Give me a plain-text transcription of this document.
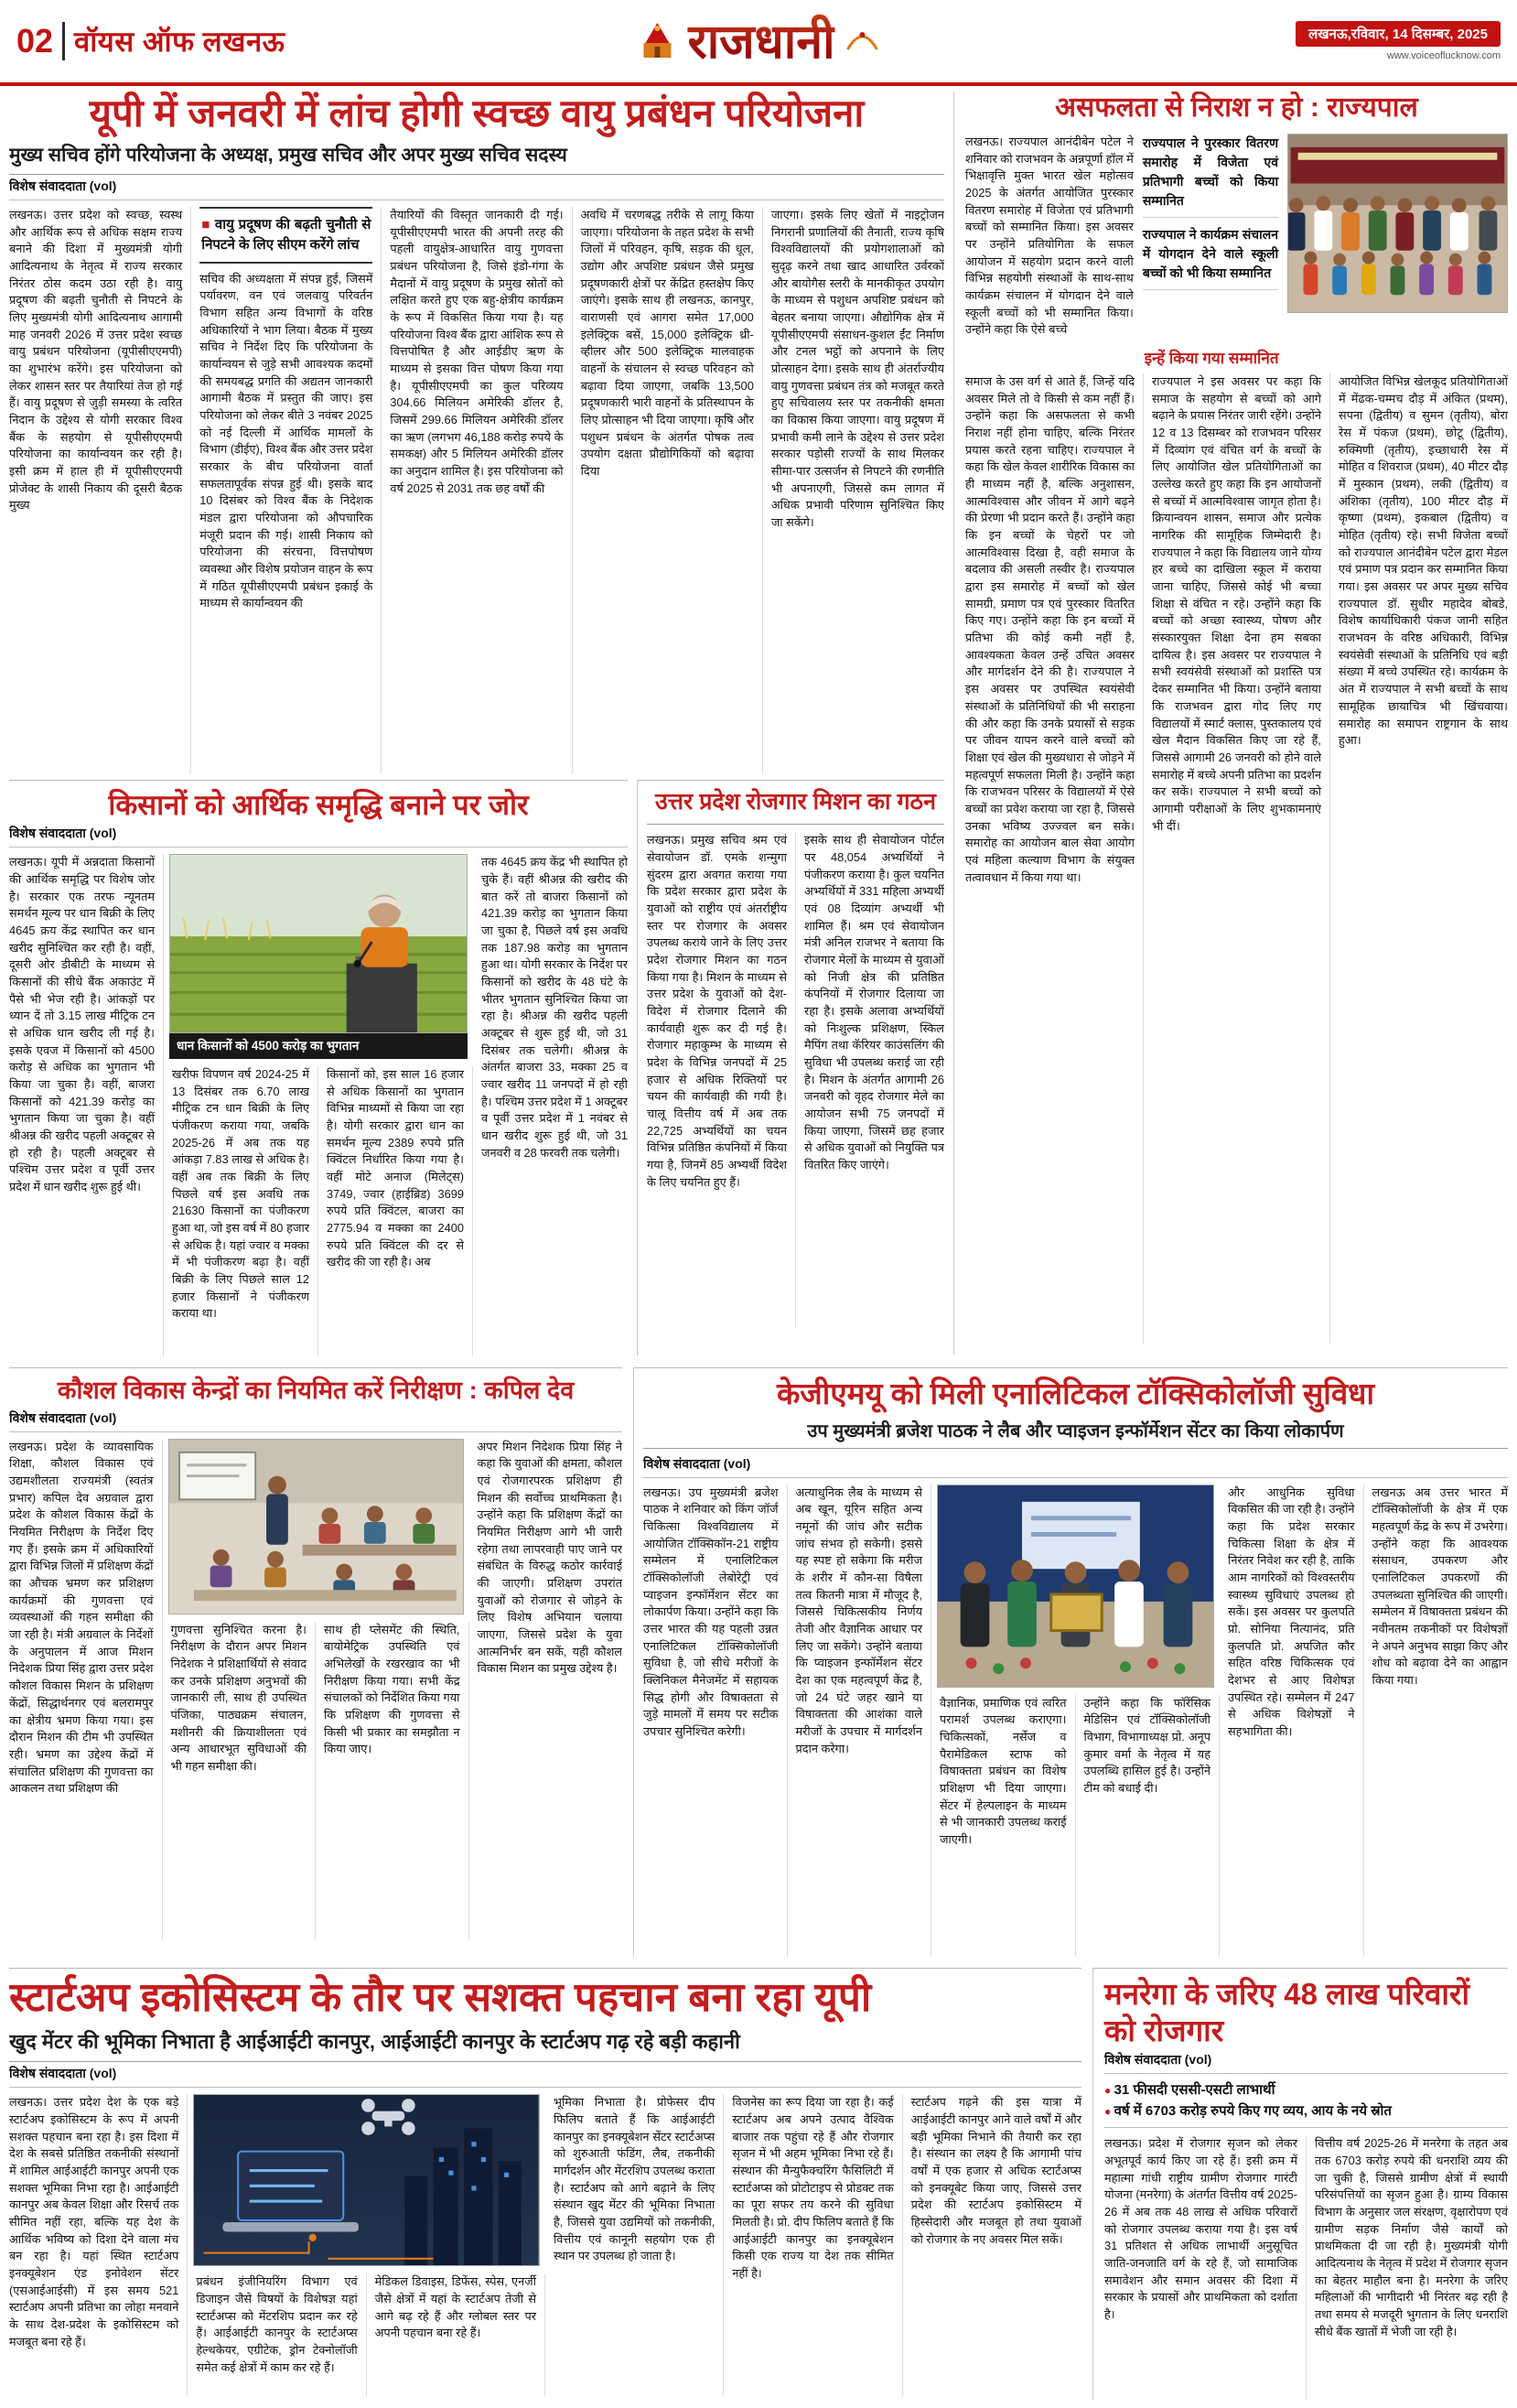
02 वॉयस ऑफ लखनऊ	राजधानी	लखनऊ,रविवार, 14 दिसम्बर, 2025
www.voiceoflucknow.com
यूपी में जनवरी में लांच होगी स्वच्छ वायु प्रबंधन परियोजना
मुख्य सचिव होंगे परियोजना के अध्यक्ष, प्रमुख सचिव और अपर मुख्य सचिव सदस्य
विशेष संवाददाता (vol)
लखनऊ। उत्तर प्रदेश को स्वच्छ, स्वस्थ और आर्थिक रूप से अधिक सक्षम राज्य बनाने की दिशा में मुख्यमंत्री योगी आदित्यनाथ के नेतृत्व में राज्य सरकार निरंतर ठोस कदम उठा रही है। वायु प्रदूषण की बढ़ती चुनौती से निपटने के लिए मुख्यमंत्री योगी आदित्यनाथ आगामी माह जनवरी 2026 में उत्तर प्रदेश स्वच्छ वायु प्रबंधन परियोजना (यूपीसीएएमपी) का शुभारंभ करेंगे। इस परियोजना को लेकर शासन स्तर पर तैयारियां तेज हो गई हैं। वायु प्रदूषण से जुड़ी समस्या के त्वरित निदान के उद्देश्य से योगी सरकार विश्व बैंक के सहयोग से यूपीसीएएमपी परियोजना का कार्यान्वयन कर रही है। इसी क्रम में हाल ही में यूपीसीएएमपी प्रोजेक्ट के शासी निकाय की दूसरी बैठक मुख्य
■ वायु प्रदूषण की बढ़ती चुनौती से निपटने के लिए सीएम करेंगे लांच
सचिव की अध्यक्षता में संपन्न हुई, जिसमें पर्यावरण, वन एवं जलवायु परिवर्तन विभाग सहित अन्य विभागों के वरिष्ठ अधिकारियों ने भाग लिया। बैठक में मुख्य सचिव ने निर्देश दिए कि परियोजना के कार्यान्वयन से जुड़े सभी आवश्यक कदमों की समयबद्ध प्रगति की अद्यतन जानकारी आगामी बैठक में प्रस्तुत की जाए। इस परियोजना को लेकर बीते 3 नवंबर 2025 को नई दिल्ली में आर्थिक मामलों के विभाग (डीईए), विश्व बैंक और उत्तर प्रदेश सरकार के बीच परियोजना वार्ता सफलतापूर्वक संपन्न हुई थी। इसके बाद 10 दिसंबर को विश्व बैंक के निदेशक मंडल द्वारा परियोजना को औपचारिक मंजूरी प्रदान की गई। शासी निकाय को परियोजना की संरचना, वित्तपोषण व्यवस्था और विशेष प्रयोजन वाहन के रूप में गठित यूपीसीएएमपी प्रबंधन इकाई के माध्यम से कार्यान्वयन की
तैयारियों की विस्तृत जानकारी दी गई। यूपीसीएएमपी भारत की अपनी तरह की पहली वायुक्षेत्र-आधारित वायु गुणवत्ता प्रबंधन परियोजना है, जिसे इंडो-गंगा के मैदानों में वायु प्रदूषण के प्रमुख स्रोतों को लक्षित करते हुए एक बहु-क्षेत्रीय कार्यक्रम के रूप में विकसित किया गया है। यह परियोजना विश्व बैंक द्वारा आंशिक रूप से वित्तपोषित है और आईडीए ऋण के माध्यम से इसका वित्त पोषण किया गया है। यूपीसीएएमपी का कुल परिव्यय 304.66 मिलियन अमेरिकी डॉलर है, जिसमें 299.66 मिलियन अमेरिकी डॉलर का ऋण (लगभग 46,188 करोड़ रुपये के समकक्ष) और 5 मिलियन अमेरिकी डॉलर का अनुदान शामिल है। इस परियोजना को वर्ष 2025 से 2031 तक छह वर्षों की
अवधि में चरणबद्ध तरीके से लागू किया जाएगा। परियोजना के तहत प्रदेश के सभी जिलों में परिवहन, कृषि, सड़क की धूल, उद्योग और अपशिष्ट प्रबंधन जैसे प्रमुख प्रदूषणकारी क्षेत्रों पर केंद्रित हस्तक्षेप किए जाएंगे। इसके साथ ही लखनऊ, कानपुर, वाराणसी एवं आगरा समेत 17,000 इलेक्ट्रिक बसें, 15,000 इलेक्ट्रिक थ्री-व्हीलर और 500 इलेक्ट्रिक मालवाहक वाहनों के संचालन से स्वच्छ परिवहन को बढ़ावा दिया जाएगा, जबकि 13,500 प्रदूषणकारी भारी वाहनों के प्रतिस्थापन के लिए प्रोत्साहन भी दिया जाएगा। कृषि और पशुधन प्रबंधन के अंतर्गत पोषक तत्व उपयोग दक्षता प्रौद्योगिकियों को बढ़ावा दिया
जाएगा। इसके लिए खेतों में नाइट्रोजन निगरानी प्रणालियों की तैनाती, राज्य कृषि विश्वविद्यालयों की प्रयोगशालाओं को सुदृढ़ करने तथा खाद आधारित उर्वरकों और बायोगैस स्लरी के मानकीकृत उपयोग के माध्यम से पशुधन अपशिष्ट प्रबंधन को बेहतर बनाया जाएगा। औद्योगिक क्षेत्र में यूपीसीएएमपी संसाधन-कुशल ईंट निर्माण और टनल भट्ठों को अपनाने के लिए प्रोत्साहन देगा। इसके साथ ही अंतर्राज्यीय वायु गुणवत्ता प्रबंधन तंत्र को मजबूत करते हुए सचिवालय स्तर पर तकनीकी क्षमता का विकास किया जाएगा। वायु प्रदूषण में प्रभावी कमी लाने के उद्देश्य से उत्तर प्रदेश सरकार पड़ोसी राज्यों के साथ मिलकर सीमा-पार उत्सर्जन से निपटने की रणनीति भी अपनाएगी, जिससे कम लागत में अधिक प्रभावी परिणाम सुनिश्चित किए जा सकेंगे।
असफलता से निराश न हो : राज्यपाल
लखनऊ। राज्यपाल आनंदीबेन पटेल ने शनिवार को राजभवन के अन्नपूर्णा हॉल में भिक्षावृत्ति मुक्त भारत खेल महोत्सव 2025 के अंतर्गत आयोजित पुरस्कार वितरण समारोह में विजेता एवं प्रतिभागी बच्चों को सम्मानित किया। इस अवसर पर उन्होंने प्रतियोगिता के सफल आयोजन में सहयोग प्रदान करने वाली विभिन्न सहयोगी संस्थाओं के साथ-साथ कार्यक्रम संचालन में योगदान देने वाले स्कूली बच्चों को भी सम्मानित किया। उन्होंने कहा कि ऐसे बच्चे
राज्यपाल ने पुरस्कार वितरण समारोह में विजेता एवं प्रतिभागी बच्चों को किया सम्मानित
राज्यपाल ने कार्यक्रम संचालन में योगदान देने वाले स्कूली बच्चों को भी किया सम्मानित
इन्हें किया गया सम्मानित
समाज के उस वर्ग से आते हैं, जिन्हें यदि अवसर मिले तो वे किसी से कम नहीं हैं। उन्होंने कहा कि असफलता से कभी निराश नहीं होना चाहिए, बल्कि निरंतर प्रयास करते रहना चाहिए। राज्यपाल ने कहा कि खेल केवल शारीरिक विकास का ही माध्यम नहीं है, बल्कि अनुशासन, आत्मविश्वास और जीवन में आगे बढ़ने की प्रेरणा भी प्रदान करते हैं। उन्होंने कहा कि इन बच्चों के चेहरों पर जो आत्मविश्वास दिखा है, वही समाज के बदलाव की असली तस्वीर है। राज्यपाल द्वारा इस समारोह में बच्चों को खेल सामग्री, प्रमाण पत्र एवं पुरस्कार वितरित किए गए। उन्होंने कहा कि इन बच्चों में प्रतिभा की कोई कमी नहीं है, आवश्यकता केवल उन्हें उचित अवसर और मार्गदर्शन देने की है। राज्यपाल ने इस अवसर पर उपस्थित स्वयंसेवी संस्थाओं के प्रतिनिधियों की भी सराहना की और कहा कि उनके प्रयासों से सड़क पर जीवन यापन करने वाले बच्चों को शिक्षा एवं खेल की मुख्यधारा से जोड़ने में महत्वपूर्ण सफलता मिली है। उन्होंने कहा कि राजभवन परिसर के विद्यालयों में ऐसे बच्चों का प्रवेश कराया जा रहा है, जिससे उनका भविष्य उज्ज्वल बन सके। समारोह का आयोजन बाल सेवा आयोग एवं महिला कल्याण विभाग के संयुक्त तत्वावधान में किया गया था।
राज्यपाल ने इस अवसर पर कहा कि समाज के सहयोग से बच्चों को आगे बढ़ाने के प्रयास निरंतर जारी रहेंगे। उन्होंने 12 व 13 दिसम्बर को राजभवन परिसर में दिव्यांग एवं वंचित वर्ग के बच्चों के लिए आयोजित खेल प्रतियोगिताओं का उल्लेख करते हुए कहा कि इन आयोजनों से बच्चों में आत्मविश्वास जागृत होता है। क्रियान्वयन शासन, समाज और प्रत्येक नागरिक की सामूहिक जिम्मेदारी है। राज्यपाल ने कहा कि विद्यालय जाने योग्य हर बच्चे का दाखिला स्कूल में कराया जाना चाहिए, जिससे कोई भी बच्चा शिक्षा से वंचित न रहे। उन्होंने कहा कि बच्चों को अच्छा स्वास्थ्य, पोषण और संस्कारयुक्त शिक्षा देना हम सबका दायित्व है। इस अवसर पर राज्यपाल ने सभी स्वयंसेवी संस्थाओं को प्रशस्ति पत्र देकर सम्मानित भी किया। उन्होंने बताया कि राजभवन द्वारा गोद लिए गए विद्यालयों में स्मार्ट क्लास, पुस्तकालय एवं खेल मैदान विकसित किए जा रहे हैं, जिससे आगामी 26 जनवरी को होने वाले समारोह में बच्चे अपनी प्रतिभा का प्रदर्शन कर सकें। राज्यपाल ने सभी बच्चों को आगामी परीक्षाओं के लिए शुभकामनाएं भी दीं।
आयोजित विभिन्न खेलकूद प्रतियोगिताओं में मेंढक-चम्मच दौड़ में अंकित (प्रथम), सपना (द्वितीय) व सुमन (तृतीय), बोरा रेस में पंकज (प्रथम), छोटू (द्वितीय), रुक्मिणी (तृतीय), इच्छाधारी रेस में मोहित व शिवराज (प्रथम), 40 मीटर दौड़ में मुस्कान (प्रथम), लकी (द्वितीय) व अंशिका (तृतीय), 100 मीटर दौड़ में कृष्णा (प्रथम), इकबाल (द्वितीय) व मोहित (तृतीय) रहे। सभी विजेता बच्चों को राज्यपाल आनंदीबेन पटेल द्वारा मेडल एवं प्रमाण पत्र प्रदान कर सम्मानित किया गया। इस अवसर पर अपर मुख्य सचिव राज्यपाल डॉ. सुधीर महादेव बोबडे, विशेष कार्याधिकारी पंकज जानी सहित राजभवन के वरिष्ठ अधिकारी, विभिन्न स्वयंसेवी संस्थाओं के प्रतिनिधि एवं बड़ी संख्या में बच्चे उपस्थित रहे। कार्यक्रम के अंत में राज्यपाल ने सभी बच्चों के साथ सामूहिक छायाचित्र भी खिंचवाया। समारोह का समापन राष्ट्रगान के साथ हुआ।
किसानों को आर्थिक समृद्धि बनाने पर जोर
विशेष संवाददाता (vol)
लखनऊ। यूपी में अन्नदाता किसानों की आर्थिक समृद्धि पर विशेष जोर है। सरकार एक तरफ न्यूनतम समर्थन मूल्य पर धान बिक्री के लिए 4645 क्रय केंद्र स्थापित कर धान खरीद सुनिश्चित कर रही है। वहीं, दूसरी ओर डीबीटी के माध्यम से किसानों की सीधे बैंक अकाउंट में पैसे भी भेज रही है। आंकड़ों पर ध्यान दें तो 3.15 लाख मीट्रिक टन से अधिक धान खरीद ली गई है। इसके एवज में किसानों को 4500 करोड़ से अधिक का भुगतान भी किया जा चुका है। वहीं, बाजरा किसानों को 421.39 करोड़ का भुगतान किया जा चुका है। वहीं श्रीअन्न की खरीद पहली अक्टूबर से हो रही है। पहली अक्टूबर से पश्चिम उत्तर प्रदेश व पूर्वी उत्तर प्रदेश में धान खरीद शुरू हुई थी।
धान किसानों को 4500 करोड़ का भुगतान
खरीफ विपणन वर्ष 2024-25 में 13 दिसंबर तक 6.70 लाख मीट्रिक टन धान बिक्री के लिए पंजीकरण कराया गया, जबकि 2025-26 में अब तक यह आंकड़ा 7.83 लाख से अधिक है। वहीं अब तक बिक्री के लिए पिछले वर्ष इस अवधि तक 21630 किसानों का पंजीकरण हुआ था, जो इस वर्ष में 80 हजार से अधिक है। यहां ज्वार व मक्का में भी पंजीकरण बढ़ा है। वहीं बिक्री के लिए पिछले साल 12 हजार किसानों ने पंजीकरण कराया था।
किसानों को, इस साल 16 हजार से अधिक किसानों का भुगतान विभिन्न माध्यमों से किया जा रहा है। योगी सरकार द्वारा धान का समर्थन मूल्य 2389 रुपये प्रति क्विंटल निर्धारित किया गया है। वहीं मोटे अनाज (मिलेट्स) 3749, ज्वार (हाईब्रिड) 3699 रुपये प्रति क्विंटल, बाजरा का 2775.94 व मक्का का 2400 रुपये प्रति क्विंटल की दर से खरीद की जा रही है। अब
तक 4645 क्रय केंद्र भी स्थापित हो चुके हैं। वहीं श्रीअन्न की खरीद की बात करें तो बाजरा किसानों को 421.39 करोड़ का भुगतान किया जा चुका है, पिछले वर्ष इस अवधि तक 187.98 करोड़ का भुगतान हुआ था। योगी सरकार के निर्देश पर किसानों को खरीद के 48 घंटे के भीतर भुगतान सुनिश्चित किया जा रहा है। श्रीअन्न की खरीद पहली अक्टूबर से शुरू हुई थी, जो 31 दिसंबर तक चलेगी। श्रीअन्न के अंतर्गत बाजरा 33, मक्का 25 व ज्वार खरीद 11 जनपदों में हो रही है। पश्चिम उत्तर प्रदेश में 1 अक्टूबर व पूर्वी उत्तर प्रदेश में 1 नवंबर से धान खरीद शुरू हुई थी, जो 31 जनवरी व 28 फरवरी तक चलेगी।
उत्तर प्रदेश रोजगार मिशन का गठन
लखनऊ। प्रमुख सचिव श्रम एवं सेवायोजन डॉ. एमके शन्मुगा सुंदरम द्वारा अवगत कराया गया कि प्रदेश सरकार द्वारा प्रदेश के युवाओं को राष्ट्रीय एवं अंतर्राष्ट्रीय स्तर पर रोजगार के अवसर उपलब्ध कराये जाने के लिए उत्तर प्रदेश रोजगार मिशन का गठन किया गया है। मिशन के माध्यम से उत्तर प्रदेश के युवाओं को देश-विदेश में रोजगार दिलाने की कार्यवाही शुरू कर दी गई है। रोजगार महाकुम्भ के माध्यम से प्रदेश के विभिन्न जनपदों में 25 हजार से अधिक रिक्तियों पर चयन की कार्यवाही की गयी है। चालू वित्तीय वर्ष में अब तक 22,725 अभ्यर्थियों का चयन विभिन्न प्रतिष्ठित कंपनियों में किया गया है, जिनमें 85 अभ्यर्थी विदेश के लिए चयनित हुए हैं।
इसके साथ ही सेवायोजन पोर्टल पर 48,054 अभ्यर्थियों ने पंजीकरण कराया है। कुल चयनित अभ्यर्थियों में 331 महिला अभ्यर्थी एवं 08 दिव्यांग अभ्यर्थी भी शामिल हैं। श्रम एवं सेवायोजन मंत्री अनिल राजभर ने बताया कि रोजगार मेलों के माध्यम से युवाओं को निजी क्षेत्र की प्रतिष्ठित कंपनियों में रोजगार दिलाया जा रहा है। इसके अलावा अभ्यर्थियों को निःशुल्क प्रशिक्षण, स्किल मैपिंग तथा कॅरियर काउंसलिंग की सुविधा भी उपलब्ध कराई जा रही है। मिशन के अंतर्गत आगामी 26 जनवरी को वृहद रोजगार मेले का आयोजन सभी 75 जनपदों में किया जाएगा, जिसमें छह हजार से अधिक युवाओं को नियुक्ति पत्र वितरित किए जाएंगे।
कौशल विकास केन्द्रों का नियमित करें निरीक्षण : कपिल देव
विशेष संवाददाता (vol)
लखनऊ। प्रदेश के व्यावसायिक शिक्षा, कौशल विकास एवं उद्यमशीलता राज्यमंत्री (स्वतंत्र प्रभार) कपिल देव अग्रवाल द्वारा प्रदेश के कौशल विकास केंद्रों के नियमित निरीक्षण के निर्देश दिए गए हैं। इसके क्रम में अधिकारियों द्वारा विभिन्न जिलों में प्रशिक्षण केंद्रों का औचक भ्रमण कर प्रशिक्षण कार्यक्रमों की गुणवत्ता एवं व्यवस्थाओं की गहन समीक्षा की जा रही है। मंत्री अग्रवाल के निर्देशों के अनुपालन में आज मिशन निदेशक प्रिया सिंह द्वारा उत्तर प्रदेश कौशल विकास मिशन के प्रशिक्षण केंद्रों, सिद्धार्थनगर एवं बलरामपुर का क्षेत्रीय भ्रमण किया गया। इस दौरान मिशन की टीम भी उपस्थित रही। भ्रमण का उद्देश्य केंद्रों में संचालित प्रशिक्षण की गुणवत्ता का आकलन तथा प्रशिक्षण की
गुणवत्ता सुनिश्चित करना है। निरीक्षण के दौरान अपर मिशन निदेशक ने प्रशिक्षार्थियों से संवाद कर उनके प्रशिक्षण अनुभवों की जानकारी ली, साथ ही उपस्थित पंजिका, पाठ्यक्रम संचालन, मशीनरी की क्रियाशीलता एवं अन्य आधारभूत सुविधाओं की भी गहन समीक्षा की।
साथ ही प्लेसमेंट की स्थिति, बायोमेट्रिक उपस्थिति एवं अभिलेखों के रखरखाव का भी निरीक्षण किया गया। सभी केंद्र संचालकों को निर्देशित किया गया कि प्रशिक्षण की गुणवत्ता से किसी भी प्रकार का समझौता न किया जाए।
अपर मिशन निदेशक प्रिया सिंह ने कहा कि युवाओं की क्षमता, कौशल एवं रोजगारपरक प्रशिक्षण ही मिशन की सर्वोच्च प्राथमिकता है। उन्होंने कहा कि प्रशिक्षण केंद्रों का नियमित निरीक्षण आगे भी जारी रहेगा तथा लापरवाही पाए जाने पर संबंधित के विरुद्ध कठोर कार्रवाई की जाएगी। प्रशिक्षण उपरांत युवाओं को रोजगार से जोड़ने के लिए विशेष अभियान चलाया जाएगा, जिससे प्रदेश के युवा आत्मनिर्भर बन सकें, यही कौशल विकास मिशन का प्रमुख उद्देश्य है।
केजीएमयू को मिली एनालिटिकल टॉक्सिकोलॉजी सुविधा
उप मुख्यमंत्री ब्रजेश पाठक ने लैब और प्वाइजन इन्फॉर्मेशन सेंटर का किया लोकार्पण
विशेष संवाददाता (vol)
लखनऊ। उप मुख्यमंत्री ब्रजेश पाठक ने शनिवार को किंग जॉर्ज चिकित्सा विश्वविद्यालय में आयोजित टॉक्सिकॉन-21 राष्ट्रीय सम्मेलन में एनालिटिकल टॉक्सिकोलॉजी लेबोरेट्री एवं प्वाइजन इन्फॉर्मेशन सेंटर का लोकार्पण किया। उन्होंने कहा कि उत्तर भारत की यह पहली उन्नत एनालिटिकल टॉक्सिकोलॉजी सुविधा है, जो सीधे मरीजों के क्लिनिकल मैनेजमेंट में सहायक सिद्ध होगी और विषाक्तता से जुड़े मामलों में समय पर सटीक उपचार सुनिश्चित करेगी।
अत्याधुनिक लैब के माध्यम से अब खून, यूरिन सहित अन्य नमूनों की जांच और सटीक जांच संभव हो सकेगी। इससे यह स्पष्ट हो सकेगा कि मरीज के शरीर में कौन-सा विषैला तत्व कितनी मात्रा में मौजूद है, जिससे चिकित्सकीय निर्णय तेजी और वैज्ञानिक आधार पर लिए जा सकेंगे। उन्होंने बताया कि प्वाइजन इन्फॉर्मेशन सेंटर देश का एक महत्वपूर्ण केंद्र है, जो 24 घंटे जहर खाने या विषाक्तता की आशंका वाले मरीजों के उपचार में मार्गदर्शन प्रदान करेगा।
वैज्ञानिक, प्रमाणिक एवं त्वरित परामर्श उपलब्ध कराएगा। चिकित्सकों, नर्सेज व पैरामेडिकल स्टाफ को विषाक्तता प्रबंधन का विशेष प्रशिक्षण भी दिया जाएगा। सेंटर में हेल्पलाइन के माध्यम से भी जानकारी उपलब्ध कराई जाएगी।
उन्होंने कहा कि फॉरेंसिक मेडिसिन एवं टॉक्सिकोलॉजी विभाग, विभागाध्यक्ष प्रो. अनूप कुमार वर्मा के नेतृत्व में यह उपलब्धि हासिल हुई है। उन्होंने टीम को बधाई दी।
और आधुनिक सुविधा विकसित की जा रही है। उन्होंने कहा कि प्रदेश सरकार चिकित्सा शिक्षा के क्षेत्र में निरंतर निवेश कर रही है, ताकि आम नागरिकों को विश्वस्तरीय स्वास्थ्य सुविधाएं उपलब्ध हो सकें। इस अवसर पर कुलपति प्रो. सोनिया नित्यानंद, प्रति कुलपति प्रो. अपजित कौर सहित वरिष्ठ चिकित्सक एवं देशभर से आए विशेषज्ञ उपस्थित रहे। सम्मेलन में 247 से अधिक विशेषज्ञों ने सहभागिता की।
लखनऊ अब उत्तर भारत में टॉक्सिकोलॉजी के क्षेत्र में एक महत्वपूर्ण केंद्र के रूप में उभरेगा। उन्होंने कहा कि आवश्यक संसाधन, उपकरण और एनालिटिकल उपकरणों की उपलब्धता सुनिश्चित की जाएगी। सम्मेलन में विषाक्तता प्रबंधन की नवीनतम तकनीकों पर विशेषज्ञों ने अपने अनुभव साझा किए और शोध को बढ़ावा देने का आह्वान किया गया।
स्टार्टअप इकोसिस्टम के तौर पर सशक्त पहचान बना रहा यूपी
खुद मेंटर की भूमिका निभाता है आईआईटी कानपुर, आईआईटी कानपुर के स्टार्टअप गढ़ रहे बड़ी कहानी
विशेष संवाददाता (vol)
लखनऊ। उत्तर प्रदेश देश के एक बड़े स्टार्टअप इकोसिस्टम के रूप में अपनी सशक्त पहचान बना रहा है। इस दिशा में देश के सबसे प्रतिष्ठित तकनीकी संस्थानों में शामिल आईआईटी कानपुर अपनी एक सशक्त भूमिका निभा रहा है। आईआईटी कानपुर अब केवल शिक्षा और रिसर्च तक सीमित नहीं रहा, बल्कि यह देश के आर्थिक भविष्य को दिशा देने वाला मंच बन रहा है। यहां स्थित स्टार्टअप इनक्यूबेशन एंड इनोवेशन सेंटर (एसआईआईसी) में इस समय 521 स्टार्टअप अपनी प्रतिभा का लोहा मनवाने के साथ देश-प्रदेश के इकोसिस्टम को मजबूत बना रहे हैं।
प्रबंधन इंजीनियरिंग विभाग एवं डिजाइन जैसे विषयों के विशेषज्ञ यहां स्टार्टअप्स को मेंटरशिप प्रदान कर रहे हैं। आईआईटी कानपुर के स्टार्टअप्स हेल्थकेयर, एग्रीटेक, ड्रोन टेक्नोलॉजी समेत कई क्षेत्रों में काम कर रहे हैं।
मेडिकल डिवाइस, डिफेंस, स्पेस, एनर्जी जैसे क्षेत्रों में यहां के स्टार्टअप तेजी से आगे बढ़ रहे हैं और ग्लोबल स्तर पर अपनी पहचान बना रहे हैं।
भूमिका निभाता है। प्रोफेसर दीप फिलिप बताते हैं कि आईआईटी कानपुर का इनक्यूबेशन सेंटर स्टार्टअप्स को शुरुआती फंडिंग, लैब, तकनीकी मार्गदर्शन और मेंटरशिप उपलब्ध कराता है। स्टार्टअप को आगे बढ़ाने के लिए संस्थान खुद मेंटर की भूमिका निभाता है, जिससे युवा उद्यमियों को तकनीकी, वित्तीय एवं कानूनी सहयोग एक ही स्थान पर उपलब्ध हो जाता है।
विजनेस का रूप दिया जा रहा है। कई स्टार्टअप अब अपने उत्पाद वैश्विक बाजार तक पहुंचा रहे हैं और रोजगार सृजन में भी अहम भूमिका निभा रहे हैं। संस्थान की मैन्युफैक्चरिंग फैसिलिटी में स्टार्टअप्स को प्रोटोटाइप से प्रोडक्ट तक का पूरा सफर तय करने की सुविधा मिलती है। प्रो. दीप फिलिप बताते हैं कि आईआईटी कानपुर का इनक्यूबेशन किसी एक राज्य या देश तक सीमित नहीं है।
स्टार्टअप गढ़ने की इस यात्रा में आईआईटी कानपुर आने वाले वर्षों में और बड़ी भूमिका निभाने की तैयारी कर रहा है। संस्थान का लक्ष्य है कि आगामी पांच वर्षों में एक हजार से अधिक स्टार्टअप्स को इनक्यूबेट किया जाए, जिससे उत्तर प्रदेश की स्टार्टअप इकोसिस्टम में हिस्सेदारी और मजबूत हो तथा युवाओं को रोजगार के नए अवसर मिल सकें।
मनरेगा के जरिए 48 लाख परिवारों को रोजगार
विशेष संवाददाता (vol)
● 31 फीसदी एससी-एसटी लाभार्थी
● वर्ष में 6703 करोड़ रुपये किए गए व्यय, आय के नये स्रोत
लखनऊ। प्रदेश में रोजगार सृजन को लेकर अभूतपूर्व कार्य किए जा रहे हैं। इसी क्रम में महात्मा गांधी राष्ट्रीय ग्रामीण रोजगार गारंटी योजना (मनरेगा) के अंतर्गत वित्तीय वर्ष 2025-26 में अब तक 48 लाख से अधिक परिवारों को रोजगार उपलब्ध कराया गया है। इस वर्ष 31 प्रतिशत से अधिक लाभार्थी अनुसूचित जाति-जनजाति वर्ग के रहे हैं, जो सामाजिक समावेशन और समान अवसर की दिशा में सरकार के प्रयासों और प्राथमिकता को दर्शाता है।
वित्तीय वर्ष 2025-26 में मनरेगा के तहत अब तक 6703 करोड़ रुपये की धनराशि व्यय की जा चुकी है, जिससे ग्रामीण क्षेत्रों में स्थायी परिसंपत्तियों का सृजन हुआ है। ग्राम्य विकास विभाग के अनुसार जल संरक्षण, वृक्षारोपण एवं ग्रामीण सड़क निर्माण जैसे कार्यों को प्राथमिकता दी जा रही है। मुख्यमंत्री योगी आदित्यनाथ के नेतृत्व में प्रदेश में रोजगार सृजन का बेहतर माहौल बना है। मनरेगा के जरिए महिलाओं की भागीदारी भी निरंतर बढ़ रही है तथा समय से मजदूरी भुगतान के लिए धनराशि सीधे बैंक खातों में भेजी जा रही है।
